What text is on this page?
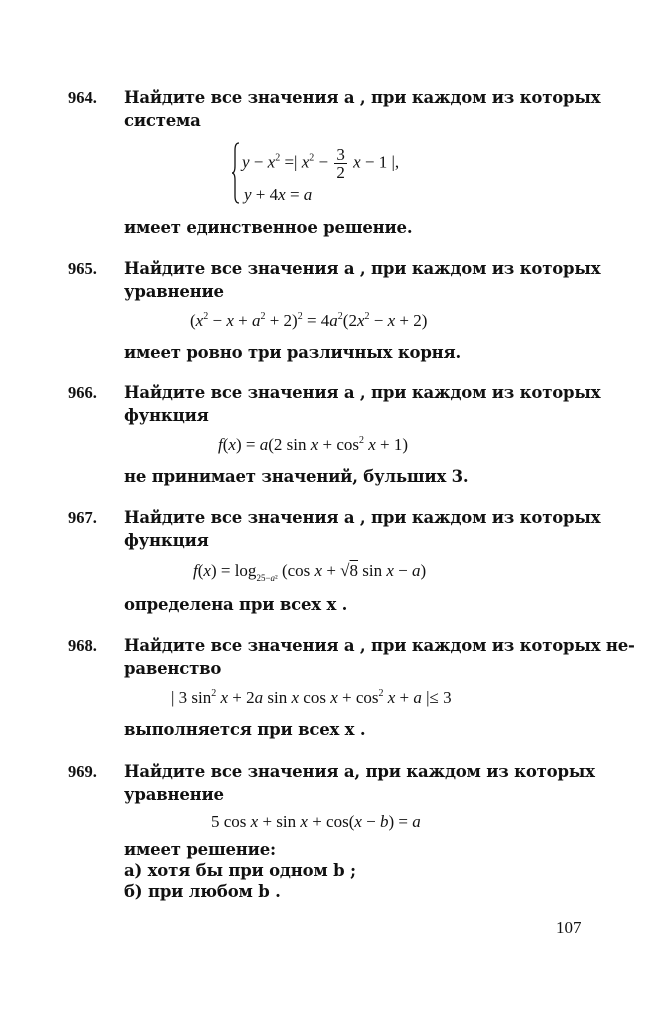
964. Найдите все значения a , при каждом из которых
система
$y - x^2$ =| $x^2 - \frac{3}{2}$ x − 1 |,
y + 4x = a
имеет единственное решение.
965. Найдите все значения a , при каждом из которых
уравнение
$(x^2 - x + a^2 + 2)^2 = 4a^2(2x^2 - x + 2)$
имеет ровно три различных корня.
966. Найдите все значения a , при каждом из которых
функция
f(x) = a(2 $\sin x + \cos^2 x + 1$)
не принимает значений, бульших 3.
967. Найдите все значения a , при каждом из которых
функция
$f(x) = \log_{25-a^2} (\cos$ x + √8 sin x − a)
определена при всех x .
968. Найдите все значения a , при каждом из которых не-
равенство
| 3 $\sin^2 x + 2a$ sin x $\cos x + \cos^2 x + a$ |≤ 3
выполняется при всех x .
969. Найдите все значения a, при каждом из которых
уравнение
5 cos x + sin x + cos(x − b) = a
имеет решение:
а) хотя бы при одном b ;
б) при любом b .
107
